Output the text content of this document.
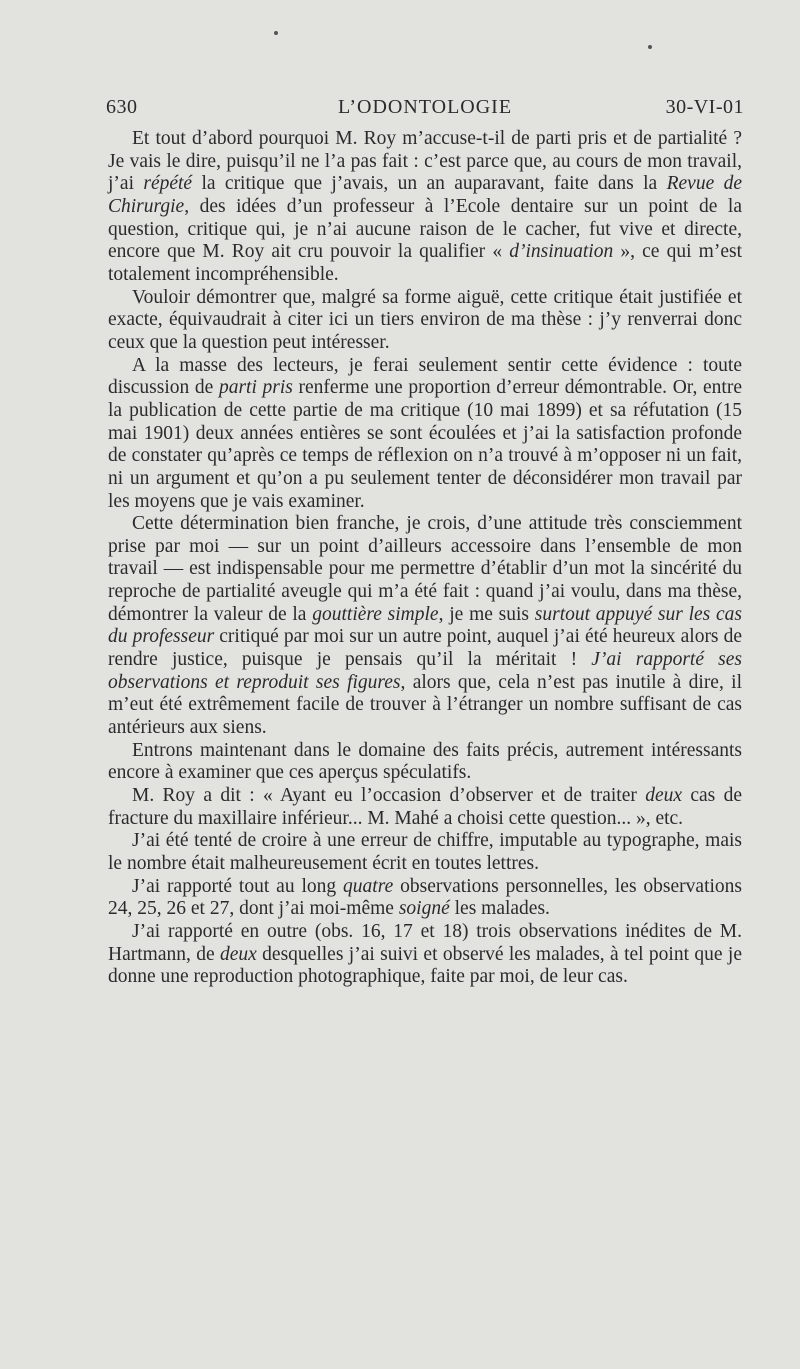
630	L’ODONTOLOGIE	30-VI-01

Et tout d’abord pourquoi M. Roy m’accuse-t-il de parti pris et de partialité ? Je vais le dire, puisqu’il ne l’a pas fait : c’est parce que, au cours de mon travail, j’ai répété la critique que j’avais, un an auparavant, faite dans la Revue de Chirurgie, des idées d’un professeur à l’Ecole dentaire sur un point de la question, critique qui, je n’ai aucune raison de le cacher, fut vive et directe, encore que M. Roy ait cru pouvoir la qualifier « d’insinuation », ce qui m’est totalement incompréhensible.

Vouloir démontrer que, malgré sa forme aiguë, cette critique était justifiée et exacte, équivaudrait à citer ici un tiers environ de ma thèse : j’y renverrai donc ceux que la question peut intéresser.

A la masse des lecteurs, je ferai seulement sentir cette évidence : toute discussion de parti pris renferme une proportion d’erreur démontrable. Or, entre la publication de cette partie de ma critique (10 mai 1899) et sa réfutation (15 mai 1901) deux années entières se sont écoulées et j’ai la satisfaction profonde de constater qu’après ce temps de réflexion on n’a trouvé à m’opposer ni un fait, ni un argument et qu’on a pu seulement tenter de déconsidérer mon travail par les moyens que je vais examiner.

Cette détermination bien franche, je crois, d’une attitude très consciemment prise par moi — sur un point d’ailleurs accessoire dans l’ensemble de mon travail — est indispensable pour me permettre d’établir d’un mot la sincérité du reproche de partialité aveugle qui m’a été fait : quand j’ai voulu, dans ma thèse, démontrer la valeur de la gouttière simple, je me suis surtout appuyé sur les cas du professeur critiqué par moi sur un autre point, auquel j’ai été heureux alors de rendre justice, puisque je pensais qu’il la méritait ! J’ai rapporté ses observations et reproduit ses figures, alors que, cela n’est pas inutile à dire, il m’eut été extrêmement facile de trouver à l’étranger un nombre suffisant de cas antérieurs aux siens.

Entrons maintenant dans le domaine des faits précis, autrement intéressants encore à examiner que ces aperçus spéculatifs.

M. Roy a dit : « Ayant eu l’occasion d’observer et de traiter deux cas de fracture du maxillaire inférieur... M. Mahé a choisi cette question... », etc.

J’ai été tenté de croire à une erreur de chiffre, imputable au typographe, mais le nombre était malheureusement écrit en toutes lettres.

J’ai rapporté tout au long quatre observations personnelles, les observations 24, 25, 26 et 27, dont j’ai moi-même soigné les malades.

J’ai rapporté en outre (obs. 16, 17 et 18) trois observations inédites de M. Hartmann, de deux desquelles j’ai suivi et observé les malades, à tel point que je donne une reproduction photographique, faite par moi, de leur cas.
